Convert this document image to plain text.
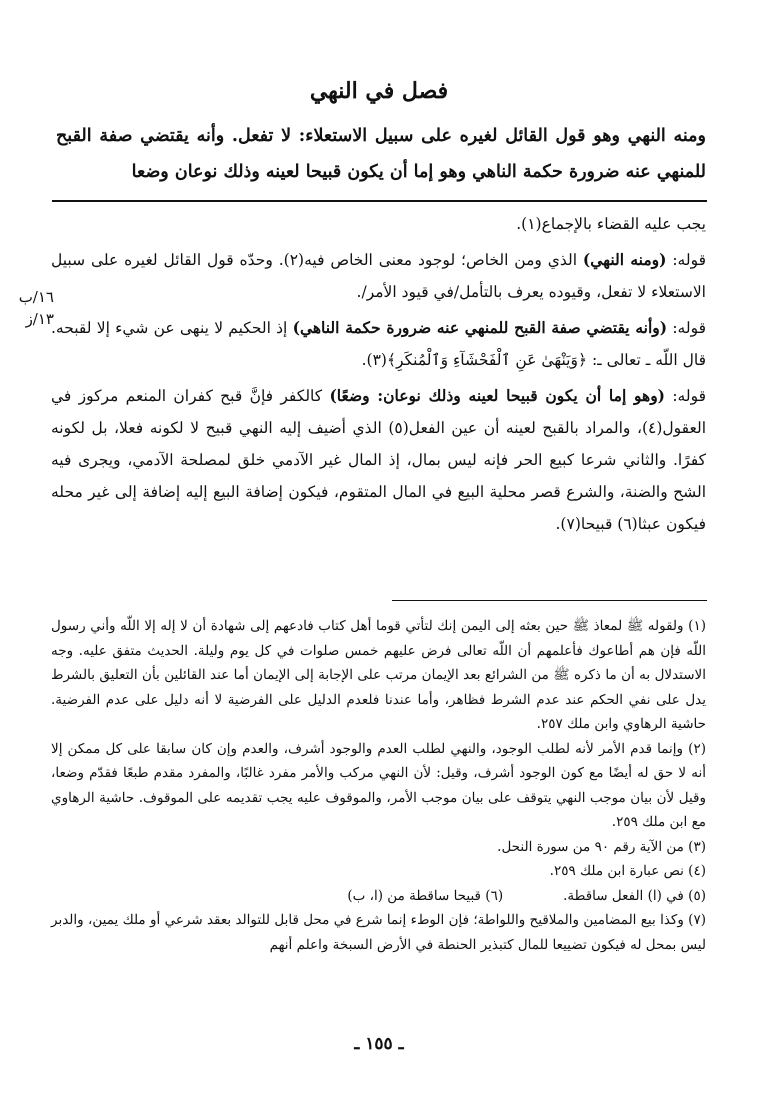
فصل في النهي
ومنه النهي وهو قول القائل لغيره على سبيل الاستعلاء: لا تفعل. وأنه يقتضي صفة القبح للمنهي عنه ضرورة حكمة الناهي وهو إما أن يكون قبيحا لعينه وذلك نوعان وضعا
١٦/ب
١٣/ز

يجب عليه القضاء بالإجماع(١).

قوله: (ومنه النهي) الذي ومن الخاص؛ لوجود معنى الخاص فيه(٢). وحدّه قول القائل لغيره على سبيل الاستعلاء لا تفعل، وقيوده يعرف بالتأمل/في قيود الأمر/.

قوله: (وأنه يقتضي صفة القبح للمنهي عنه ضرورة حكمة الناهي) إذ الحكيم لا ينهى عن شيء إلا لقبحه. قال اللّه ـ تعالى ـ: ﴿وَيَنْهَىٰ عَنِ ٱلْفَحْشَآءِ وَٱلْمُنكَرِ﴾(٣).

قوله: (وهو إما أن يكون قبيحا لعينه وذلك نوعان: وضعًا) كالكفر فإنَّ قبح كفران المنعم مركوز في العقول(٤)، والمراد بالقبح لعينه أن عين الفعل(٥) الذي أضيف إليه النهي قبيح لا لكونه فعلا، بل لكونه كفرًا. والثاني شرعا كبيع الحر فإنه ليس بمال، إذ المال غير الآدمي خلق لمصلحة الآدمي، ويجرى فيه الشح والضنة، والشرع قصر محلية البيع في المال المتقوم، فيكون إضافة البيع إليه إضافة إلى غير محله فيكون عبثا(٦) قبيحا(٧).

(١) ولقوله ﷺ لمعاذ ﷺ حين بعثه إلى اليمن إنك لتأتي قوما أهل كتاب فادعهم إلى شهادة أن لا إله إلا اللّه وأني رسول اللّه فإن هم أطاعوك فأعلمهم أن اللّه تعالى فرض عليهم خمس صلوات في كل يوم وليلة. الحديث متفق عليه. وجه الاستدلال به أن ما ذكره ﷺ من الشرائع بعد الإيمان مرتب على الإجابة إلى الإيمان أما عند القائلين بأن التعليق بالشرط يدل على نفي الحكم عند عدم الشرط فظاهر، وأما عندنا فلعدم الدليل على الفرضية لا أنه دليل على عدم الفرضية. حاشية الرهاوي وابن ملك ٢٥٧.

(٢) وإنما قدم الأمر لأنه لطلب الوجود، والنهي لطلب العدم والوجود أشرف، والعدم وإن كان سابقا على كل ممكن إلا أنه لا حق له أيضًا مع كون الوجود أشرف، وقيل: لأن النهي مركب والأمر مفرد غالبًا، والمفرد مقدم طبعًا فقدّم وضعا، وقيل لأن بيان موجب النهي يتوقف على بيان موجب الأمر، والموقوف عليه يجب تقديمه على الموقوف. حاشية الرهاوي مع ابن ملك ٢٥٩.

(٣) من الآية رقم ٩٠ من سورة النحل.

(٤) نص عبارة ابن ملك ٢٥٩.

(٥) في (ا) الفعل ساقطة.
(٦) قبيحا ساقطة من (ا، ب)

(٧) وكذا بيع المضامين والملاقيح واللواطة؛ فإن الوطء إنما شرع في محل قابل للتوالد بعقد شرعي أو ملك يمين، والدبر ليس بمحل له فيكون تضييعا للمال كتبذير الحنطة في الأرض السبخة واعلم أنهم

ـ ١٥٥ ـ
